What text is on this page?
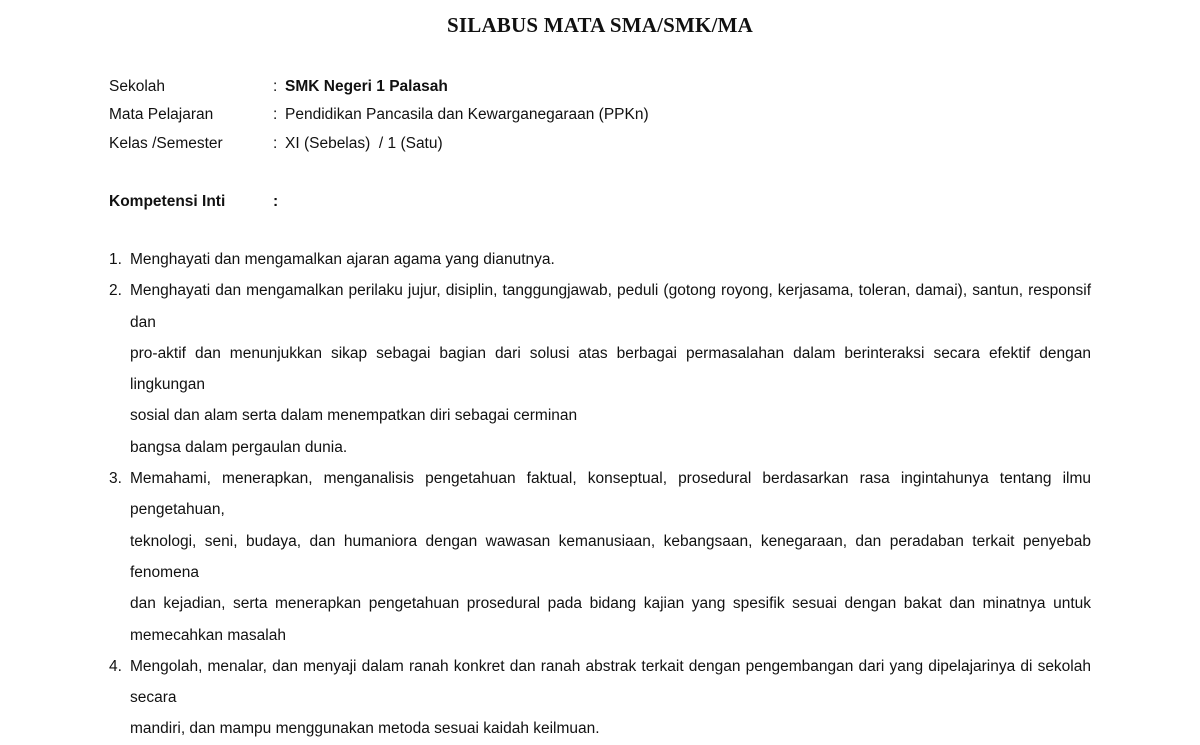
SILABUS MATA SMA/SMK/MA
Sekolah	: SMK Negeri 1 Palasah
Mata Pelajaran	: Pendidikan Pancasila dan Kewarganegaraan (PPKn)
Kelas /Semester	: XI (Sebelas)  / 1 (Satu)
Kompetensi Inti	:
1. Menghayati dan mengamalkan ajaran agama yang dianutnya.
2. Menghayati dan mengamalkan perilaku jujur, disiplin, tanggungjawab, peduli (gotong royong, kerjasama, toleran, damai), santun, responsif dan
pro-aktif dan menunjukkan sikap sebagai bagian dari solusi atas berbagai permasalahan dalam berinteraksi secara efektif dengan lingkungan
sosial dan alam serta dalam menempatkan diri sebagai cerminan
bangsa dalam pergaulan dunia.
3. Memahami, menerapkan, menganalisis pengetahuan faktual, konseptual, prosedural berdasarkan rasa ingintahunya tentang ilmu pengetahuan,
teknologi, seni, budaya, dan humaniora dengan wawasan kemanusiaan, kebangsaan, kenegaraan, dan peradaban terkait penyebab fenomena
dan kejadian, serta menerapkan pengetahuan prosedural pada bidang kajian yang spesifik sesuai dengan bakat dan minatnya untuk
memecahkan masalah
4. Mengolah, menalar, dan menyaji dalam ranah konkret dan ranah abstrak terkait dengan pengembangan dari yang dipelajarinya di sekolah secara
mandiri, dan mampu menggunakan metoda sesuai kaidah keilmuan.
